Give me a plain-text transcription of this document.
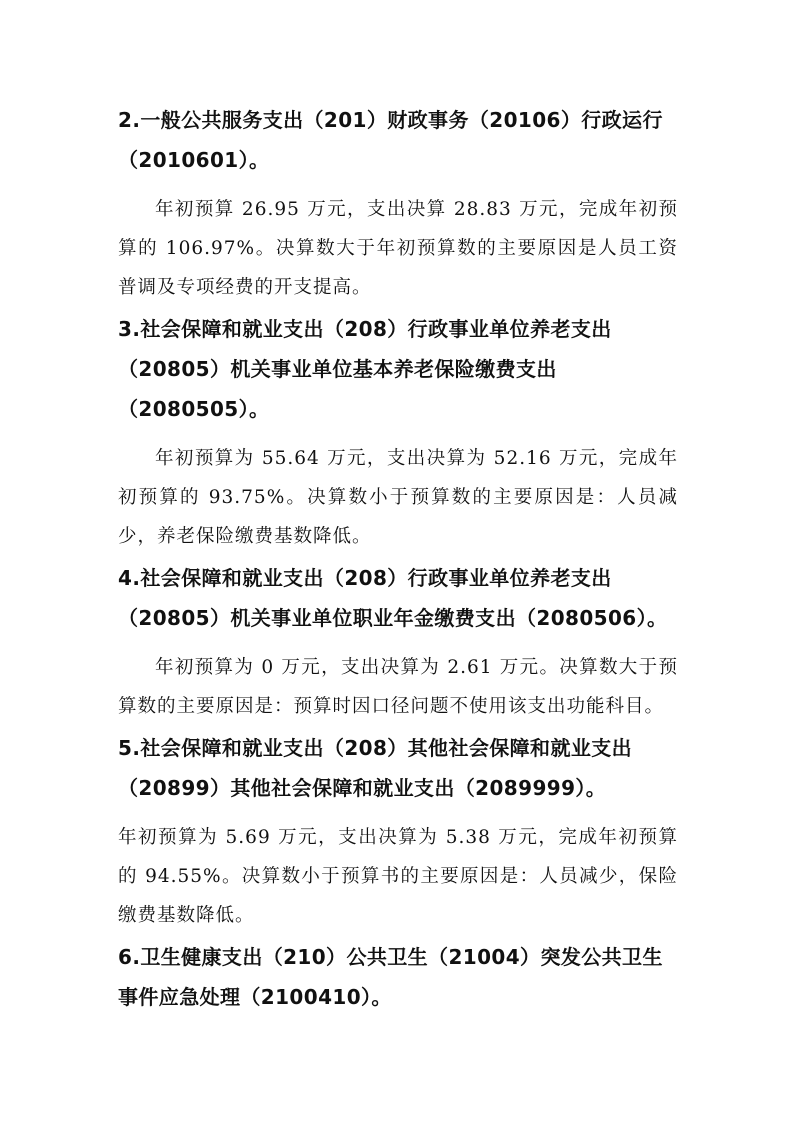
2.一般公共服务支出（201）财政事务（20106）行政运行（2010601）。

年初预算 26.95 万元，支出决算 28.83 万元，完成年初预算的 106.97%。决算数大于年初预算数的主要原因是人员工资普调及专项经费的开支提高。

3.社会保障和就业支出（208）行政事业单位养老支出（20805）机关事业单位基本养老保险缴费支出（2080505）。

年初预算为 55.64 万元，支出决算为 52.16 万元，完成年初预算的 93.75%。决算数小于预算数的主要原因是：人员减少，养老保险缴费基数降低。

4.社会保障和就业支出（208）行政事业单位养老支出（20805）机关事业单位职业年金缴费支出（2080506）。

年初预算为 0 万元，支出决算为 2.61 万元。决算数大于预算数的主要原因是：预算时因口径问题不使用该支出功能科目。

5.社会保障和就业支出（208）其他社会保障和就业支出（20899）其他社会保障和就业支出（2089999）。

年初预算为 5.69 万元，支出决算为 5.38 万元，完成年初预算的 94.55%。决算数小于预算书的主要原因是：人员减少，保险缴费基数降低。

6.卫生健康支出（210）公共卫生（21004）突发公共卫生事件应急处理（2100410）。
